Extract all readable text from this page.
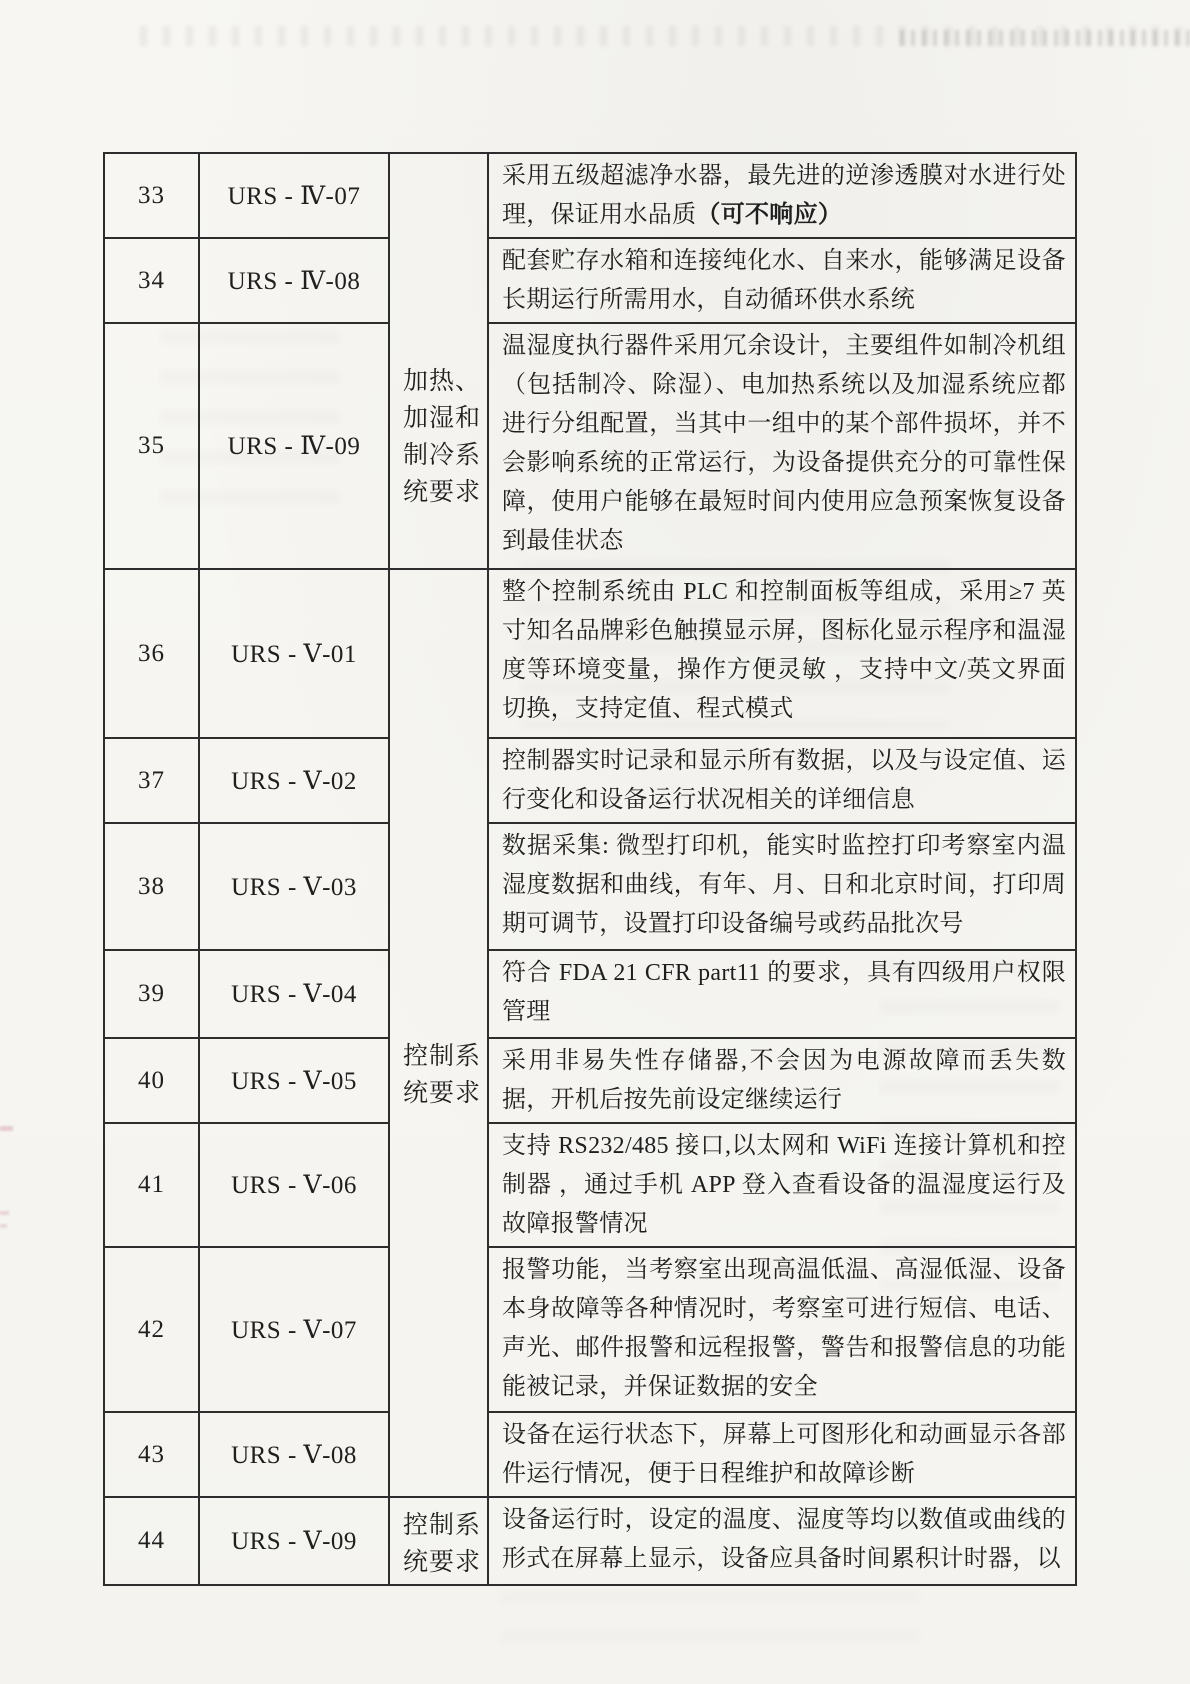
33	URS - Ⅳ-07	加热、加湿和制冷系统要求	采用五级超滤净水器，最先进的逆渗透膜对水进行处理，保证用水品质（可不响应）
34	URS - Ⅳ-08		配套贮存水箱和连接纯化水、自来水，能够满足设备长期运行所需用水，自动循环供水系统
35	URS - Ⅳ-09		温湿度执行器件采用冗余设计，主要组件如制冷机组（包括制冷、除湿）、电加热系统以及加湿系统应都进行分组配置，当其中一组中的某个部件损坏，并不会影响系统的正常运行，为设备提供充分的可靠性保障，使用户能够在最短时间内使用应急预案恢复设备到最佳状态
36	URS - Ⅴ-01	控制系统要求	整个控制系统由 PLC 和控制面板等组成，采用≥7 英寸知名品牌彩色触摸显示屏，图标化显示程序和温湿度等环境变量，操作方便灵敏 ，支持中文/英文界面切换，支持定值、程式模式
37	URS - Ⅴ-02		控制器实时记录和显示所有数据，以及与设定值、运行变化和设备运行状况相关的详细信息
38	URS - Ⅴ-03		数据采集: 微型打印机，能实时监控打印考察室内温湿度数据和曲线，有年、月、日和北京时间，打印周期可调节，设置打印设备编号或药品批次号
39	URS - Ⅴ-04		符合 FDA 21 CFR part11 的要求，具有四级用户权限管理
40	URS - Ⅴ-05		采用非易失性存储器,不会因为电源故障而丢失数据，开机后按先前设定继续运行
41	URS - Ⅴ-06		支持 RS232/485 接口,以太网和 WiFi 连接计算机和控制器 ，通过手机 APP 登入查看设备的温湿度运行及故障报警情况
42	URS - Ⅴ-07		报警功能，当考察室出现高温低温、高湿低湿、设备本身故障等各种情况时，考察室可进行短信、电话、声光、邮件报警和远程报警，警告和报警信息的功能能被记录，并保证数据的安全
43	URS - Ⅴ-08		设备在运行状态下，屏幕上可图形化和动画显示各部件运行情况，便于日程维护和故障诊断
44	URS - Ⅴ-09	控制系统要求	设备运行时，设定的温度、湿度等均以数值或曲线的形式在屏幕上显示，设备应具备时间累积计时器，以
